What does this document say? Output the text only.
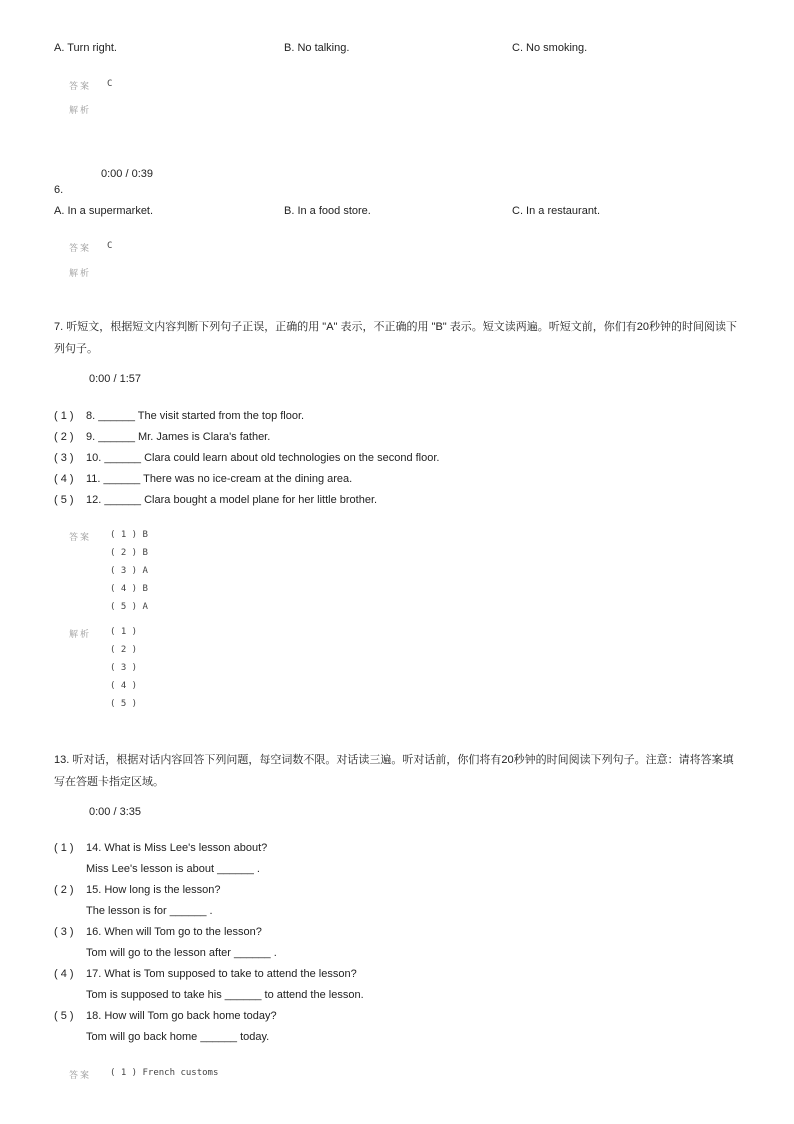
A. Turn right.	B. No talking.	C. No smoking.
答案 C
解析
0:00 / 0:39
6.
A. In a supermarket.	B. In a food store.	C. In a restaurant.
答案 C
解析
7. 听短文，根据短文内容判断下列句子正误，正确的用 "A" 表示，不正确的用 "B" 表示。短文读两遍。听短文前，你们有20秒钟的时间阅读下列句子。
0:00 / 1:57
( 1 ) 8. ______ The visit started from the top floor.
( 2 ) 9. ______ Mr. James is Clara's father.
( 3 ) 10. ______ Clara could learn about old technologies on the second floor.
( 4 ) 11. ______ There was no ice-cream at the dining area.
( 5 ) 12. ______ Clara bought a model plane for her little brother.
答案 ( 1 ) B
( 2 ) B
( 3 ) A
( 4 ) B
( 5 ) A
解析 ( 1 )
( 2 )
( 3 )
( 4 )
( 5 )
13. 听对话，根据对话内容回答下列问题，每空词数不限。对话读三遍。听对话前，你们将有20秒钟的时间阅读下列句子。注意：请将答案填写在答题卡指定区域。
0:00 / 3:35
( 1 ) 14. What is Miss Lee's lesson about?
Miss Lee's lesson is about ______ .
( 2 ) 15. How long is the lesson?
The lesson is for ______ .
( 3 ) 16. When will Tom go to the lesson?
Tom will go to the lesson after ______ .
( 4 ) 17. What is Tom supposed to take to attend the lesson?
Tom is supposed to take his ______ to attend the lesson.
( 5 ) 18. How will Tom go back home today?
Tom will go back home ______ today.
答案 ( 1 ) French customs
